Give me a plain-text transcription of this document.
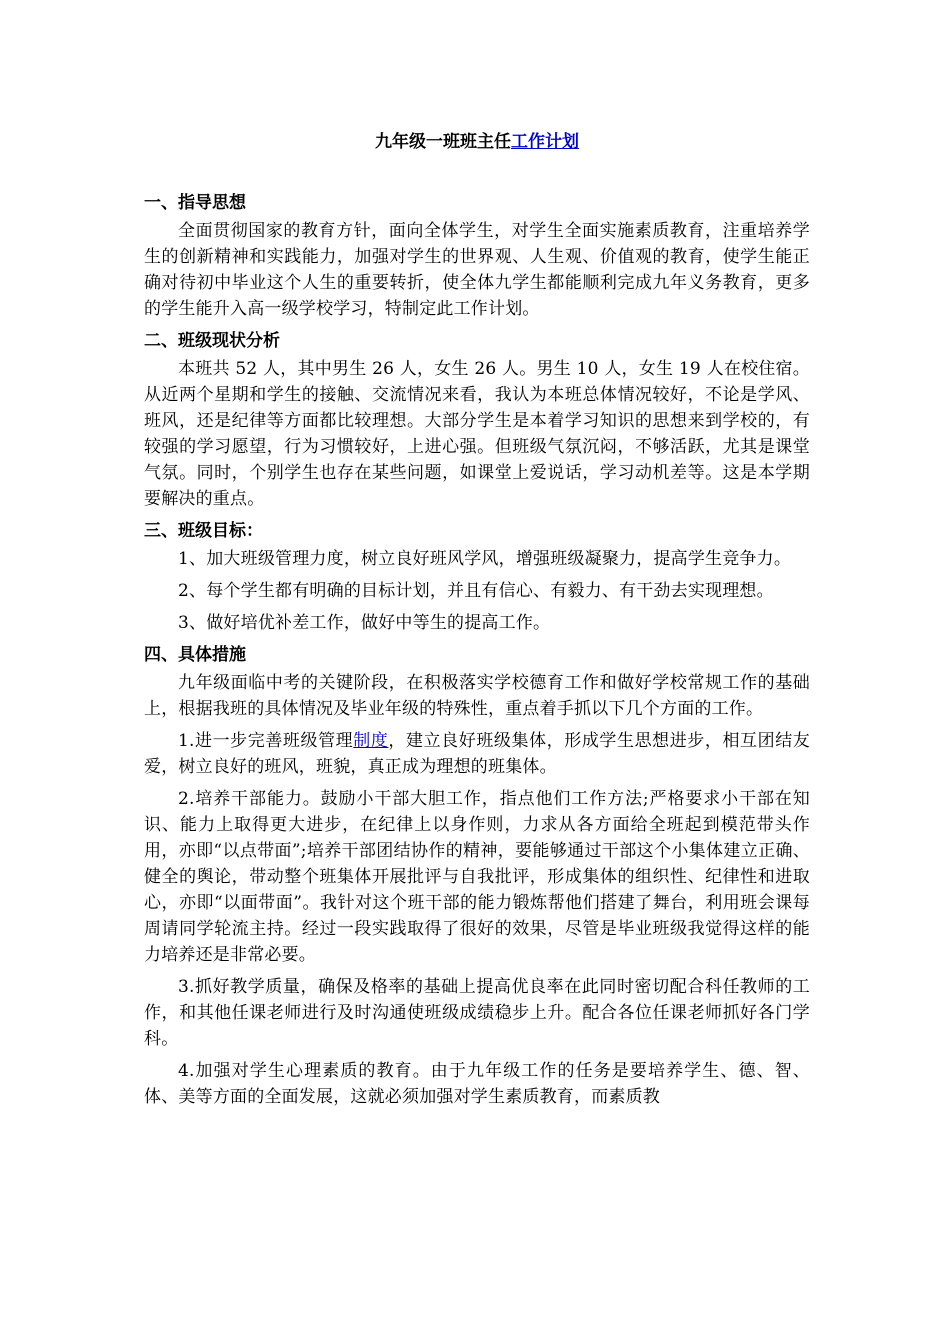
九年级一班班主任工作计划
一、指导思想

全面贯彻国家的教育方针，面向全体学生，对学生全面实施素质教育，注重培养学生的创新精神和实践能力，加强对学生的世界观、人生观、价值观的教育，使学生能正确对待初中毕业这个人生的重要转折，使全体九学生都能顺利完成九年义务教育，更多的学生能升入高一级学校学习，特制定此工作计划。

二、班级现状分析

本班共 52 人，其中男生 26 人，女生 26 人。男生 10 人，女生 19 人在校住宿。从近两个星期和学生的接触、交流情况来看，我认为本班总体情况较好，不论是学风、班风，还是纪律等方面都比较理想。大部分学生是本着学习知识的思想来到学校的，有较强的学习愿望，行为习惯较好，上进心强。但班级气氛沉闷，不够活跃，尤其是课堂气氛。同时，个别学生也存在某些问题，如课堂上爱说话，学习动机差等。这是本学期要解决的重点。

三、班级目标：

1、加大班级管理力度，树立良好班风学风，增强班级凝聚力，提高学生竞争力。

2、每个学生都有明确的目标计划，并且有信心、有毅力、有干劲去实现理想。

3、做好培优补差工作，做好中等生的提高工作。

四、具体措施

九年级面临中考的关键阶段，在积极落实学校德育工作和做好学校常规工作的基础上，根据我班的具体情况及毕业年级的特殊性，重点着手抓以下几个方面的工作。

1.进一步完善班级管理制度，建立良好班级集体，形成学生思想进步，相互团结友爱，树立良好的班风，班貌，真正成为理想的班集体。

2.培养干部能力。鼓励小干部大胆工作，指点他们工作方法;严格要求小干部在知识、能力上取得更大进步，在纪律上以身作则，力求从各方面给全班起到模范带头作用，亦即“以点带面”;培养干部团结协作的精神，要能够通过干部这个小集体建立正确、健全的舆论，带动整个班集体开展批评与自我批评，形成集体的组织性、纪律性和进取心，亦即“以面带面”。我针对这个班干部的能力锻炼帮他们搭建了舞台，利用班会课每周请同学轮流主持。经过一段实践取得了很好的效果，尽管是毕业班级我觉得这样的能力培养还是非常必要。

3.抓好教学质量，确保及格率的基础上提高优良率在此同时密切配合科任教师的工作，和其他任课老师进行及时沟通使班级成绩稳步上升。配合各位任课老师抓好各门学科。

4.加强对学生心理素质的教育。由于九年级工作的任务是要培养学生、德、智、体、美等方面的全面发展，这就必须加强对学生素质教育，而素质教
